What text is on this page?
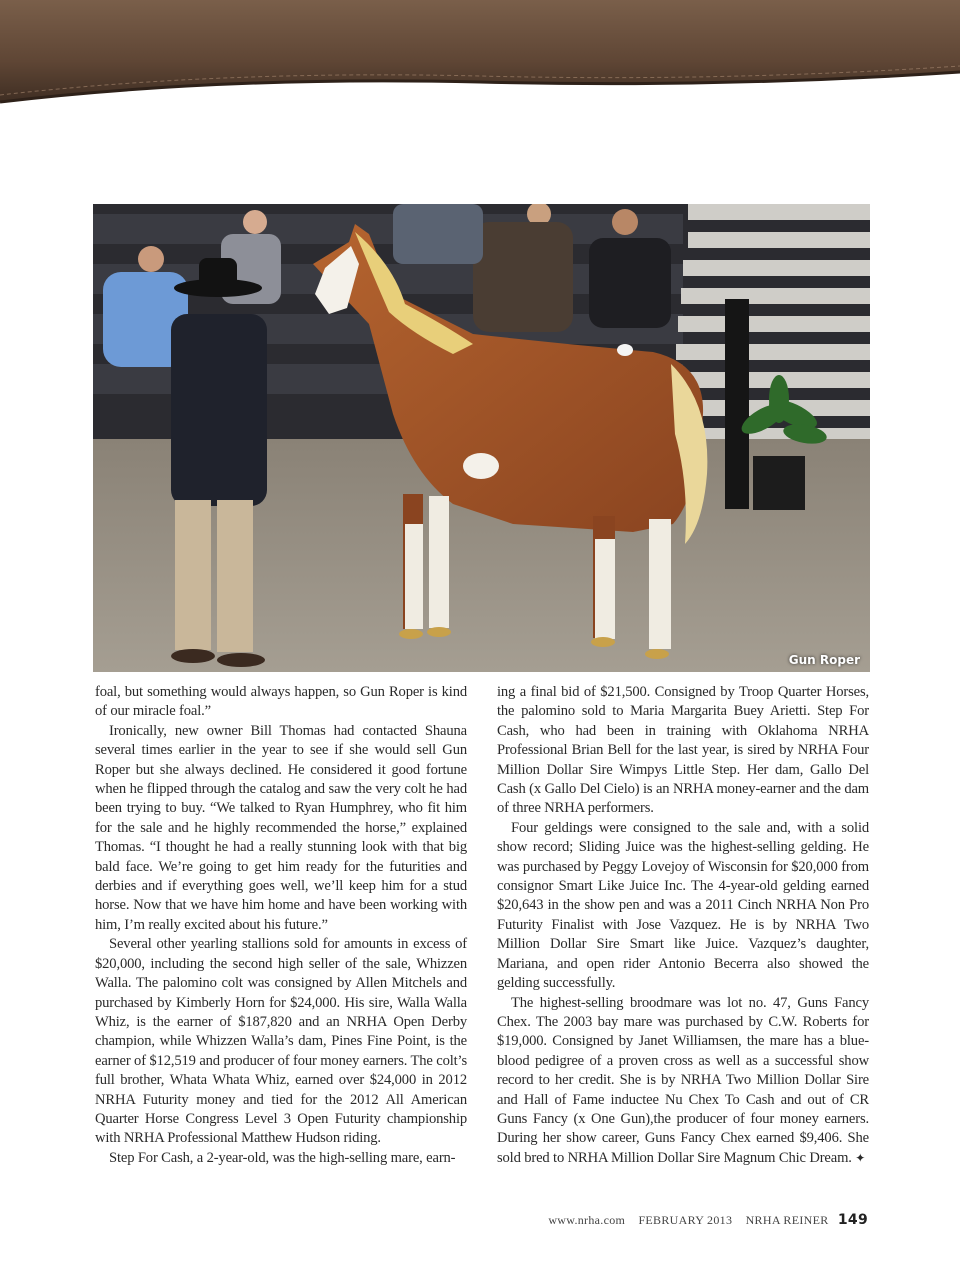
Gun Roper

foal, but something would always happen, so Gun Roper is kind of our miracle foal.”

Ironically, new owner Bill Thomas had contacted Shauna several times earlier in the year to see if she would sell Gun Roper but she always declined. He considered it good fortune when he flipped through the catalog and saw the very colt he had been trying to buy. “We talked to Ryan Humphrey, who fit him for the sale and he highly recommended the horse,” explained Thomas. “I thought he had a really stunning look with that big bald face. We’re going to get him ready for the futurities and derbies and if everything goes well, we’ll keep him for a stud horse. Now that we have him home and have been working with him, I’m really excited about his future.”

Several other yearling stallions sold for amounts in excess of $20,000, including the second high seller of the sale, Whizzen Walla. The palomino colt was consigned by Allen Mitchels and purchased by Kimberly Horn for $24,000. His sire, Walla Walla Whiz, is the earner of $187,820 and an NRHA Open Derby champion, while Whizzen Walla’s dam, Pines Fine Point, is the earner of $12,519 and producer of four money earners. The colt’s full brother, Whata Whata Whiz, earned over $24,000 in 2012 NRHA Futurity money and tied for the 2012 All American Quarter Horse Congress Level 3 Open Futurity championship with NRHA Professional Matthew Hudson riding.

Step For Cash, a 2-year-old, was the high-selling mare, earn-

ing a final bid of $21,500. Consigned by Troop Quarter Horses, the palomino sold to Maria Margarita Buey Arietti. Step For Cash, who had been in training with Oklahoma NRHA Professional Brian Bell for the last year, is sired by NRHA Four Million Dollar Sire Wimpys Little Step. Her dam, Gallo Del Cash (x Gallo Del Cielo) is an NRHA money-earner and the dam of three NRHA performers.

Four geldings were consigned to the sale and, with a solid show record; Sliding Juice was the highest-selling gelding. He was purchased by Peggy Lovejoy of Wisconsin for $20,000 from consignor Smart Like Juice Inc. The 4-year-old gelding earned $20,643 in the show pen and was a 2011 Cinch NRHA Non Pro Futurity Finalist with Jose Vazquez. He is by NRHA Two Million Dollar Sire Smart like Juice. Vazquez’s daughter, Mariana, and open rider Antonio Becerra also showed the gelding successfully.

The highest-selling broodmare was lot no. 47, Guns Fancy Chex. The 2003 bay mare was purchased by C.W. Roberts for $19,000. Consigned by Janet Williamsen, the mare has a blue-blood pedigree of a proven cross as well as a successful show record to her credit. She is by NRHA Two Million Dollar Sire and Hall of Fame inductee Nu Chex To Cash and out of CR Guns Fancy (x One Gun),the producer of four money earners. During her show career, Guns Fancy Chex earned $9,406. She sold bred to NRHA Million Dollar Sire Magnum Chic Dream. ✦

www.nrha.com FEBRUARY 2013 NRHA REINER 149
